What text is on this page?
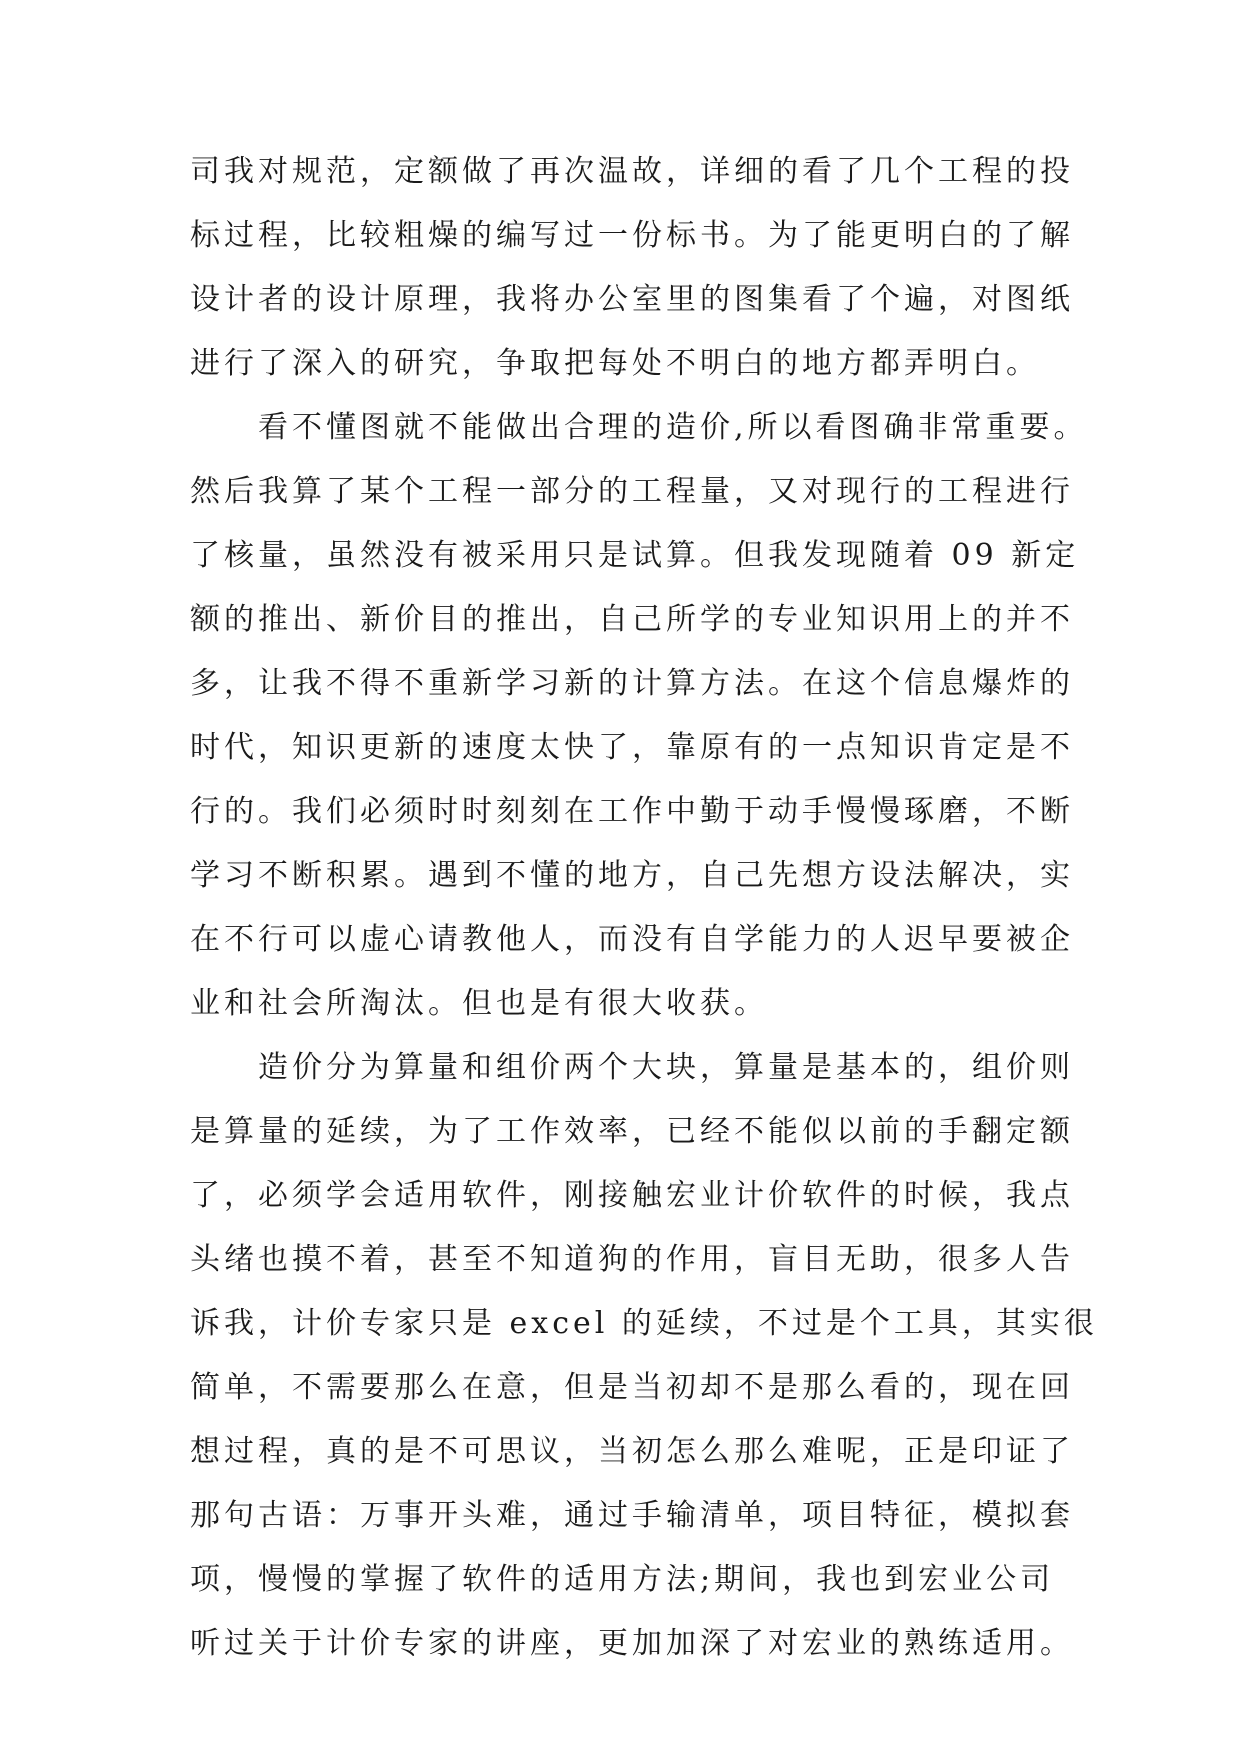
司我对规范，定额做了再次温故，详细的看了几个工程的投
标过程，比较粗燥的编写过一份标书。为了能更明白的了解
设计者的设计原理，我将办公室里的图集看了个遍，对图纸
进行了深入的研究，争取把每处不明白的地方都弄明白。
看不懂图就不能做出合理的造价,所以看图确非常重要。
然后我算了某个工程一部分的工程量，又对现行的工程进行
了核量，虽然没有被采用只是试算。但我发现随着 09 新定
额的推出、新价目的推出，自己所学的专业知识用上的并不
多，让我不得不重新学习新的计算方法。在这个信息爆炸的
时代，知识更新的速度太快了，靠原有的一点知识肯定是不
行的。我们必须时时刻刻在工作中勤于动手慢慢琢磨，不断
学习不断积累。遇到不懂的地方，自己先想方设法解决，实
在不行可以虚心请教他人，而没有自学能力的人迟早要被企
业和社会所淘汰。但也是有很大收获。
造价分为算量和组价两个大块，算量是基本的，组价则
是算量的延续，为了工作效率，已经不能似以前的手翻定额
了，必须学会适用软件，刚接触宏业计价软件的时候，我点
头绪也摸不着，甚至不知道狗的作用，盲目无助，很多人告
诉我，计价专家只是 excel 的延续，不过是个工具，其实很
简单，不需要那么在意，但是当初却不是那么看的，现在回
想过程，真的是不可思议，当初怎么那么难呢，正是印证了
那句古语：万事开头难，通过手输清单，项目特征，模拟套
项，慢慢的掌握了软件的适用方法;期间，我也到宏业公司
听过关于计价专家的讲座，更加加深了对宏业的熟练适用。
